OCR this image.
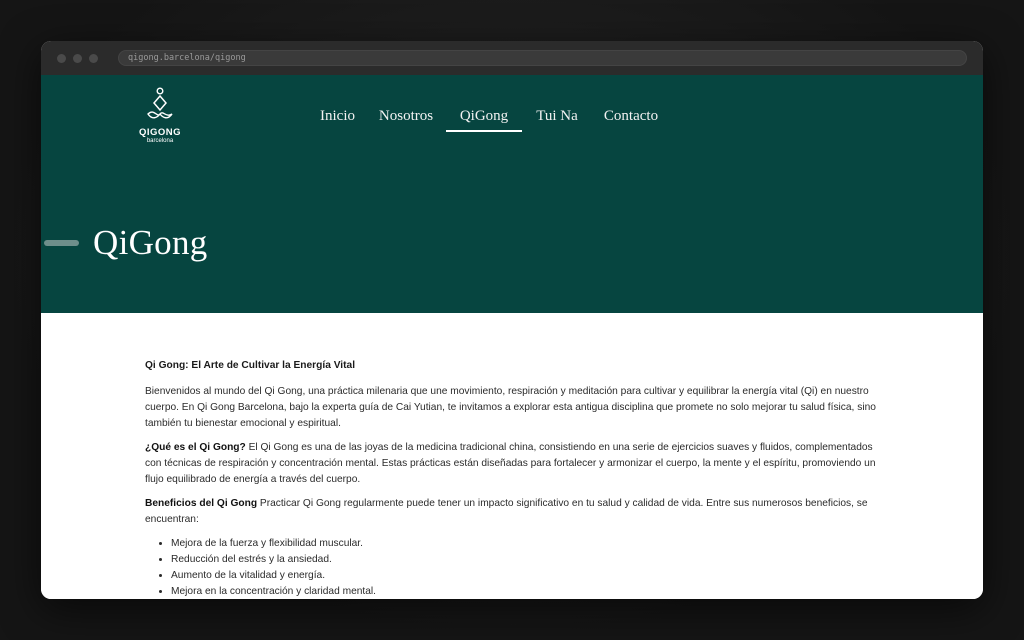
qigong.barcelona/qigong
QIGONG
barcelona
Inicio Nosotros	QiGong	Tui Na Contacto
QiGong
Qi Gong: El Arte de Cultivar la Energía Vital

Bienvenidos al mundo del Qi Gong, una práctica milenaria que une movimiento, respiración y meditación para cultivar y equilibrar la energía vital (Qi) en nuestro cuerpo. En Qi Gong Barcelona, bajo la experta guía de Cai Yutian, te invitamos a explorar esta antigua disciplina que promete no solo mejorar tu salud física, sino también tu bienestar emocional y espiritual.

¿Qué es el Qi Gong? El Qi Gong es una de las joyas de la medicina tradicional china, consistiendo en una serie de ejercicios suaves y fluidos, complementados con técnicas de respiración y concentración mental. Estas prácticas están diseñadas para fortalecer y armonizar el cuerpo, la mente y el espíritu, promoviendo un flujo equilibrado de energía a través del cuerpo.

Beneficios del Qi Gong Practicar Qi Gong regularmente puede tener un impacto significativo en tu salud y calidad de vida. Entre sus numerosos beneficios, se encuentran:

• Mejora de la fuerza y flexibilidad muscular.
• Reducción del estrés y la ansiedad.
• Aumento de la vitalidad y energía.
• Mejora en la concentración y claridad mental.
